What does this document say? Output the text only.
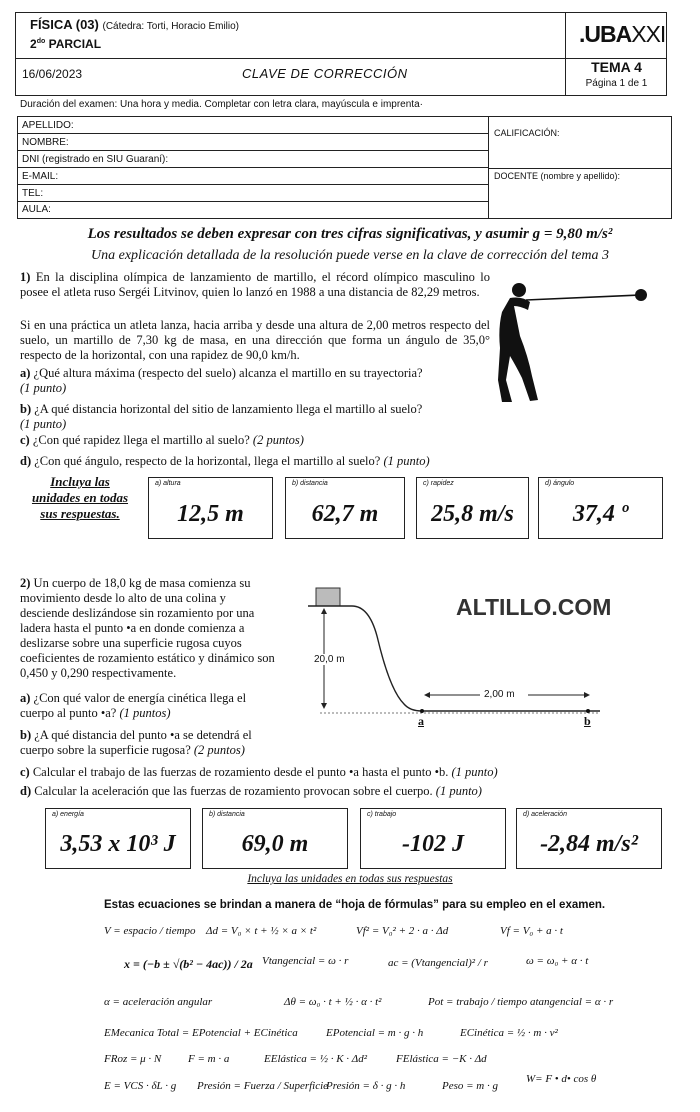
FÍSICA (03) (Cátedra: Torti, Horacio Emilio)
$2^{do}$ PARCIAL	.UBAXXI
16/06/2023	CLAVE DE CORRECCIÓN	TEMA 4
Página 1 de 1
Duración del examen: Una hora y media. Completar con letra clara, mayúscula e imprenta·
APELLIDO:
NOMBRE:
DNI (registrado en SIU Guaraní):
E-MAIL:
TEL:
AULA:
CALIFICACIÓN:
DOCENTE (nombre y apellido):
Los resultados se deben expresar con tres cifras significativas, y asumir g = 9,80 m/s²
Una explicación detallada de la resolución puede verse en la clave de corrección del tema 3
1) En la disciplina olímpica de lanzamiento de martillo, el récord olímpico masculino lo posee el atleta ruso Sergéi Litvinov, quien lo lanzó en 1988 a una distancia de 82,29 metros.
Si en una práctica un atleta lanza, hacia arriba y desde una altura de 2,00 metros respecto del suelo, un martillo de 7,30 kg de masa, en una dirección que forma un ángulo de 35,0° respecto de la horizontal, con una rapidez de 90,0 km/h.
a) ¿Qué altura máxima (respecto del suelo) alcanza el martillo en su trayectoria?
(1 punto)
b) ¿A qué distancia horizontal del sitio de lanzamiento llega el martillo al suelo?
(1 punto)
c) ¿Con qué rapidez llega el martillo al suelo? (2 puntos)
d) ¿Con qué ángulo, respecto de la horizontal, llega el martillo al suelo? (1 punto)
Incluya las
unidades en todas
sus respuestas.
a) altura
12,5 m
b) distancia
62,7 m
c) rapidez
25,8 m/s
d) ángulo
37,4 º
2) Un cuerpo de 18,0 kg de masa comienza su movimiento desde lo alto de una colina y desciende deslizándose sin rozamiento por una ladera hasta el punto •a en donde comienza a deslizarse sobre una superficie rugosa cuyos coeficientes de rozamiento estático y dinámico son 0,450 y 0,290 respectivamente.
a) ¿Con qué valor de energía cinética llega el cuerpo al punto •a? (1 puntos)
b) ¿A qué distancia del punto •a se detendrá el cuerpo sobre la superficie rugosa? (2 puntos)
c) Calcular el trabajo de las fuerzas de rozamiento desde el punto •a hasta el punto •b. (1 punto)
d) Calcular la aceleración que las fuerzas de rozamiento provocan sobre el cuerpo. (1 punto)
ALTILLO.COM
20,0 m
2,00 m
a	b
a) energía
3,53 x 10³ J
b) distancia
69,0 m
c) trabajo
-102 J
d) aceleración
-2,84 m/s²
Incluya las unidades en todas sus respuestas
Estas ecuaciones se brindan a manera de “hoja de fórmulas” para su empleo en el examen.
V = espacio / tiempo Δd = V₀ × t + ½ × a × t²	Vf² = V₀² + 2 · a · Δd	Vf = V₀ + a · t
x = (−b ± √(b² − 4ac)) / 2a Vtangencial = ω · r	ac = (Vtangencial)² / r	ω = ω₀ + α · t
α = aceleración angular	Δθ = ω₀ · t + ½ · α · t²	Pot = trabajo / tiempo atangencial = α · r
EMecanica Total = EPotencial + ECinética	EPotencial = m · g · h	ECinética = ½ · m · v²
FRoz = μ · N F = m · a	EElástica = ½ · K · Δd²	FElástica = −K · Δd
E = VCS · δL · g Presión = Fuerza / Superficie
Presión = δ · g · h	Peso = m · g
W= F • d• cos θ
